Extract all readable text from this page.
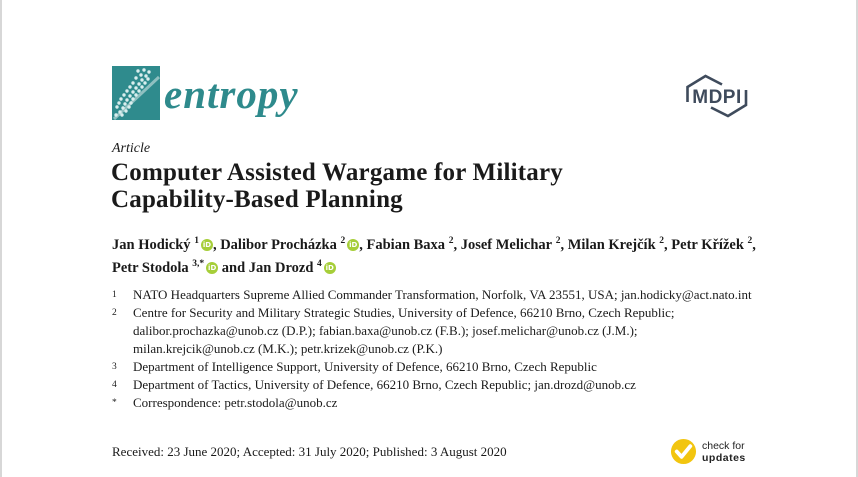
entropy	MDPI
Article
Computer Assisted Wargame for Military Capability-Based Planning
Jan Hodický $^1$ iD , Dalibor Procházka $^2$ iD , Fabian Baxa $^2$, Josef Melichar $^2$, Milan Krejčík $^2$, Petr Křížek $^2$, Petr Stodola $^{3,*}$ iD and Jan Drozd $^4$ iD
1	NATO Headquarters Supreme Allied Commander Transformation, Norfolk, VA 23551, USA; jan.hodicky@act.nato.int
2	Centre for Security and Military Strategic Studies, University of Defence, 66210 Brno, Czech Republic; dalibor.prochazka@unob.cz (D.P.); fabian.baxa@unob.cz (F.B.); josef.melichar@unob.cz (J.M.); milan.krejcik@unob.cz (M.K.); petr.krizek@unob.cz (P.K.)
3	Department of Intelligence Support, University of Defence, 66210 Brno, Czech Republic
4	Department of Tactics, University of Defence, 66210 Brno, Czech Republic; jan.drozd@unob.cz
*	Correspondence: petr.stodola@unob.cz
Received: 23 June 2020; Accepted: 31 July 2020; Published: 3 August 2020	check for
updates
